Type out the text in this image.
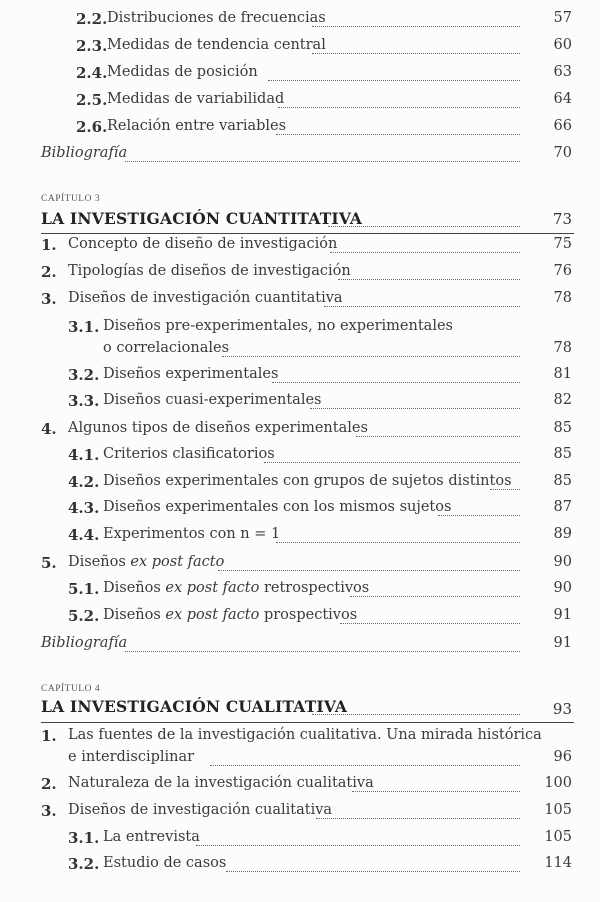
2.2. Distribuciones de frecuencias	57
2.3. Medidas de tendencia central	60
2.4. Medidas de posición	63
2.5. Medidas de variabilidad	64
2.6. Relación entre variables	66
Bibliografía	70
CAPÍTULO 3
LA INVESTIGACIÓN CUANTITATIVA	73
1. Concepto de diseño de investigación	75
2. Tipologías de diseños de investigación	76
3. Diseños de investigación cuantitativa	78
3.1. Diseños pre-experimentales, no experimentales
o correlacionales	78
3.2. Diseños experimentales	81
3.3. Diseños cuasi-experimentales	82
4. Algunos tipos de diseños experimentales	85
4.1. Criterios clasificatorios	85
4.2. Diseños experimentales con grupos de sujetos distintos	85
4.3. Diseños experimentales con los mismos sujetos	87
4.4. Experimentos con n = 1	89
5. Diseños ex post facto	90
5.1. Diseños ex post facto retrospectivos	90
5.2. Diseños ex post facto prospectivos	91
Bibliografía	91
CAPÍTULO 4
LA INVESTIGACIÓN CUALITATIVA	93
1. Las fuentes de la investigación cualitativa. Una mirada histórica
e interdisciplinar	96
2. Naturaleza de la investigación cualitativa	100
3. Diseños de investigación cualitativa	105
3.1. La entrevista	105
3.2. Estudio de casos	114
